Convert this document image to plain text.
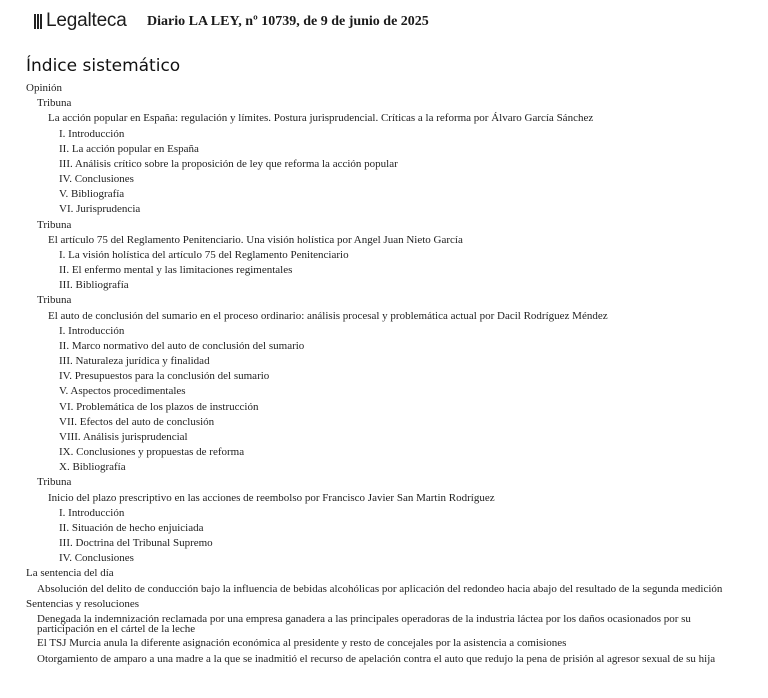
Legalteca Diario LA LEY, nº 10739, de 9 de junio de 2025
Índice sistemático
Opinión
Tribuna
La acción popular en España: regulación y límites. Postura jurisprudencial. Críticas a la reforma por Álvaro García Sánchez
I. Introducción
II. La acción popular en España
III. Análisis crítico sobre la proposición de ley que reforma la acción popular
IV. Conclusiones
V. Bibliografía
VI. Jurisprudencia
Tribuna
El artículo 75 del Reglamento Penitenciario. Una visión holística por Angel Juan Nieto García
I. La visión holística del artículo 75 del Reglamento Penitenciario
II. El enfermo mental y las limitaciones regimentales
III. Bibliografía
Tribuna
El auto de conclusión del sumario en el proceso ordinario: análisis procesal y problemática actual por Dacil Rodríguez Méndez
I. Introducción
II. Marco normativo del auto de conclusión del sumario
III. Naturaleza jurídica y finalidad
IV. Presupuestos para la conclusión del sumario
V. Aspectos procedimentales
VI. Problemática de los plazos de instrucción
VII. Efectos del auto de conclusión
VIII. Análisis jurisprudencial
IX. Conclusiones y propuestas de reforma
X. Bibliografía
Tribuna
Inicio del plazo prescriptivo en las acciones de reembolso por Francisco Javier San Martin Rodríguez
I. Introducción
II. Situación de hecho enjuiciada
III. Doctrina del Tribunal Supremo
IV. Conclusiones
La sentencia del día
Absolución del delito de conducción bajo la influencia de bebidas alcohólicas por aplicación del redondeo hacia abajo del resultado de la segunda medición
Sentencias y resoluciones
Denegada la indemnización reclamada por una empresa ganadera a las principales operadoras de la industria láctea por los daños ocasionados por su participación en el cártel de la leche
El TSJ Murcia anula la diferente asignación económica al presidente y resto de concejales por la asistencia a comisiones
Otorgamiento de amparo a una madre a la que se inadmitió el recurso de apelación contra el auto que redujo la pena de prisión al agresor sexual de su hija
